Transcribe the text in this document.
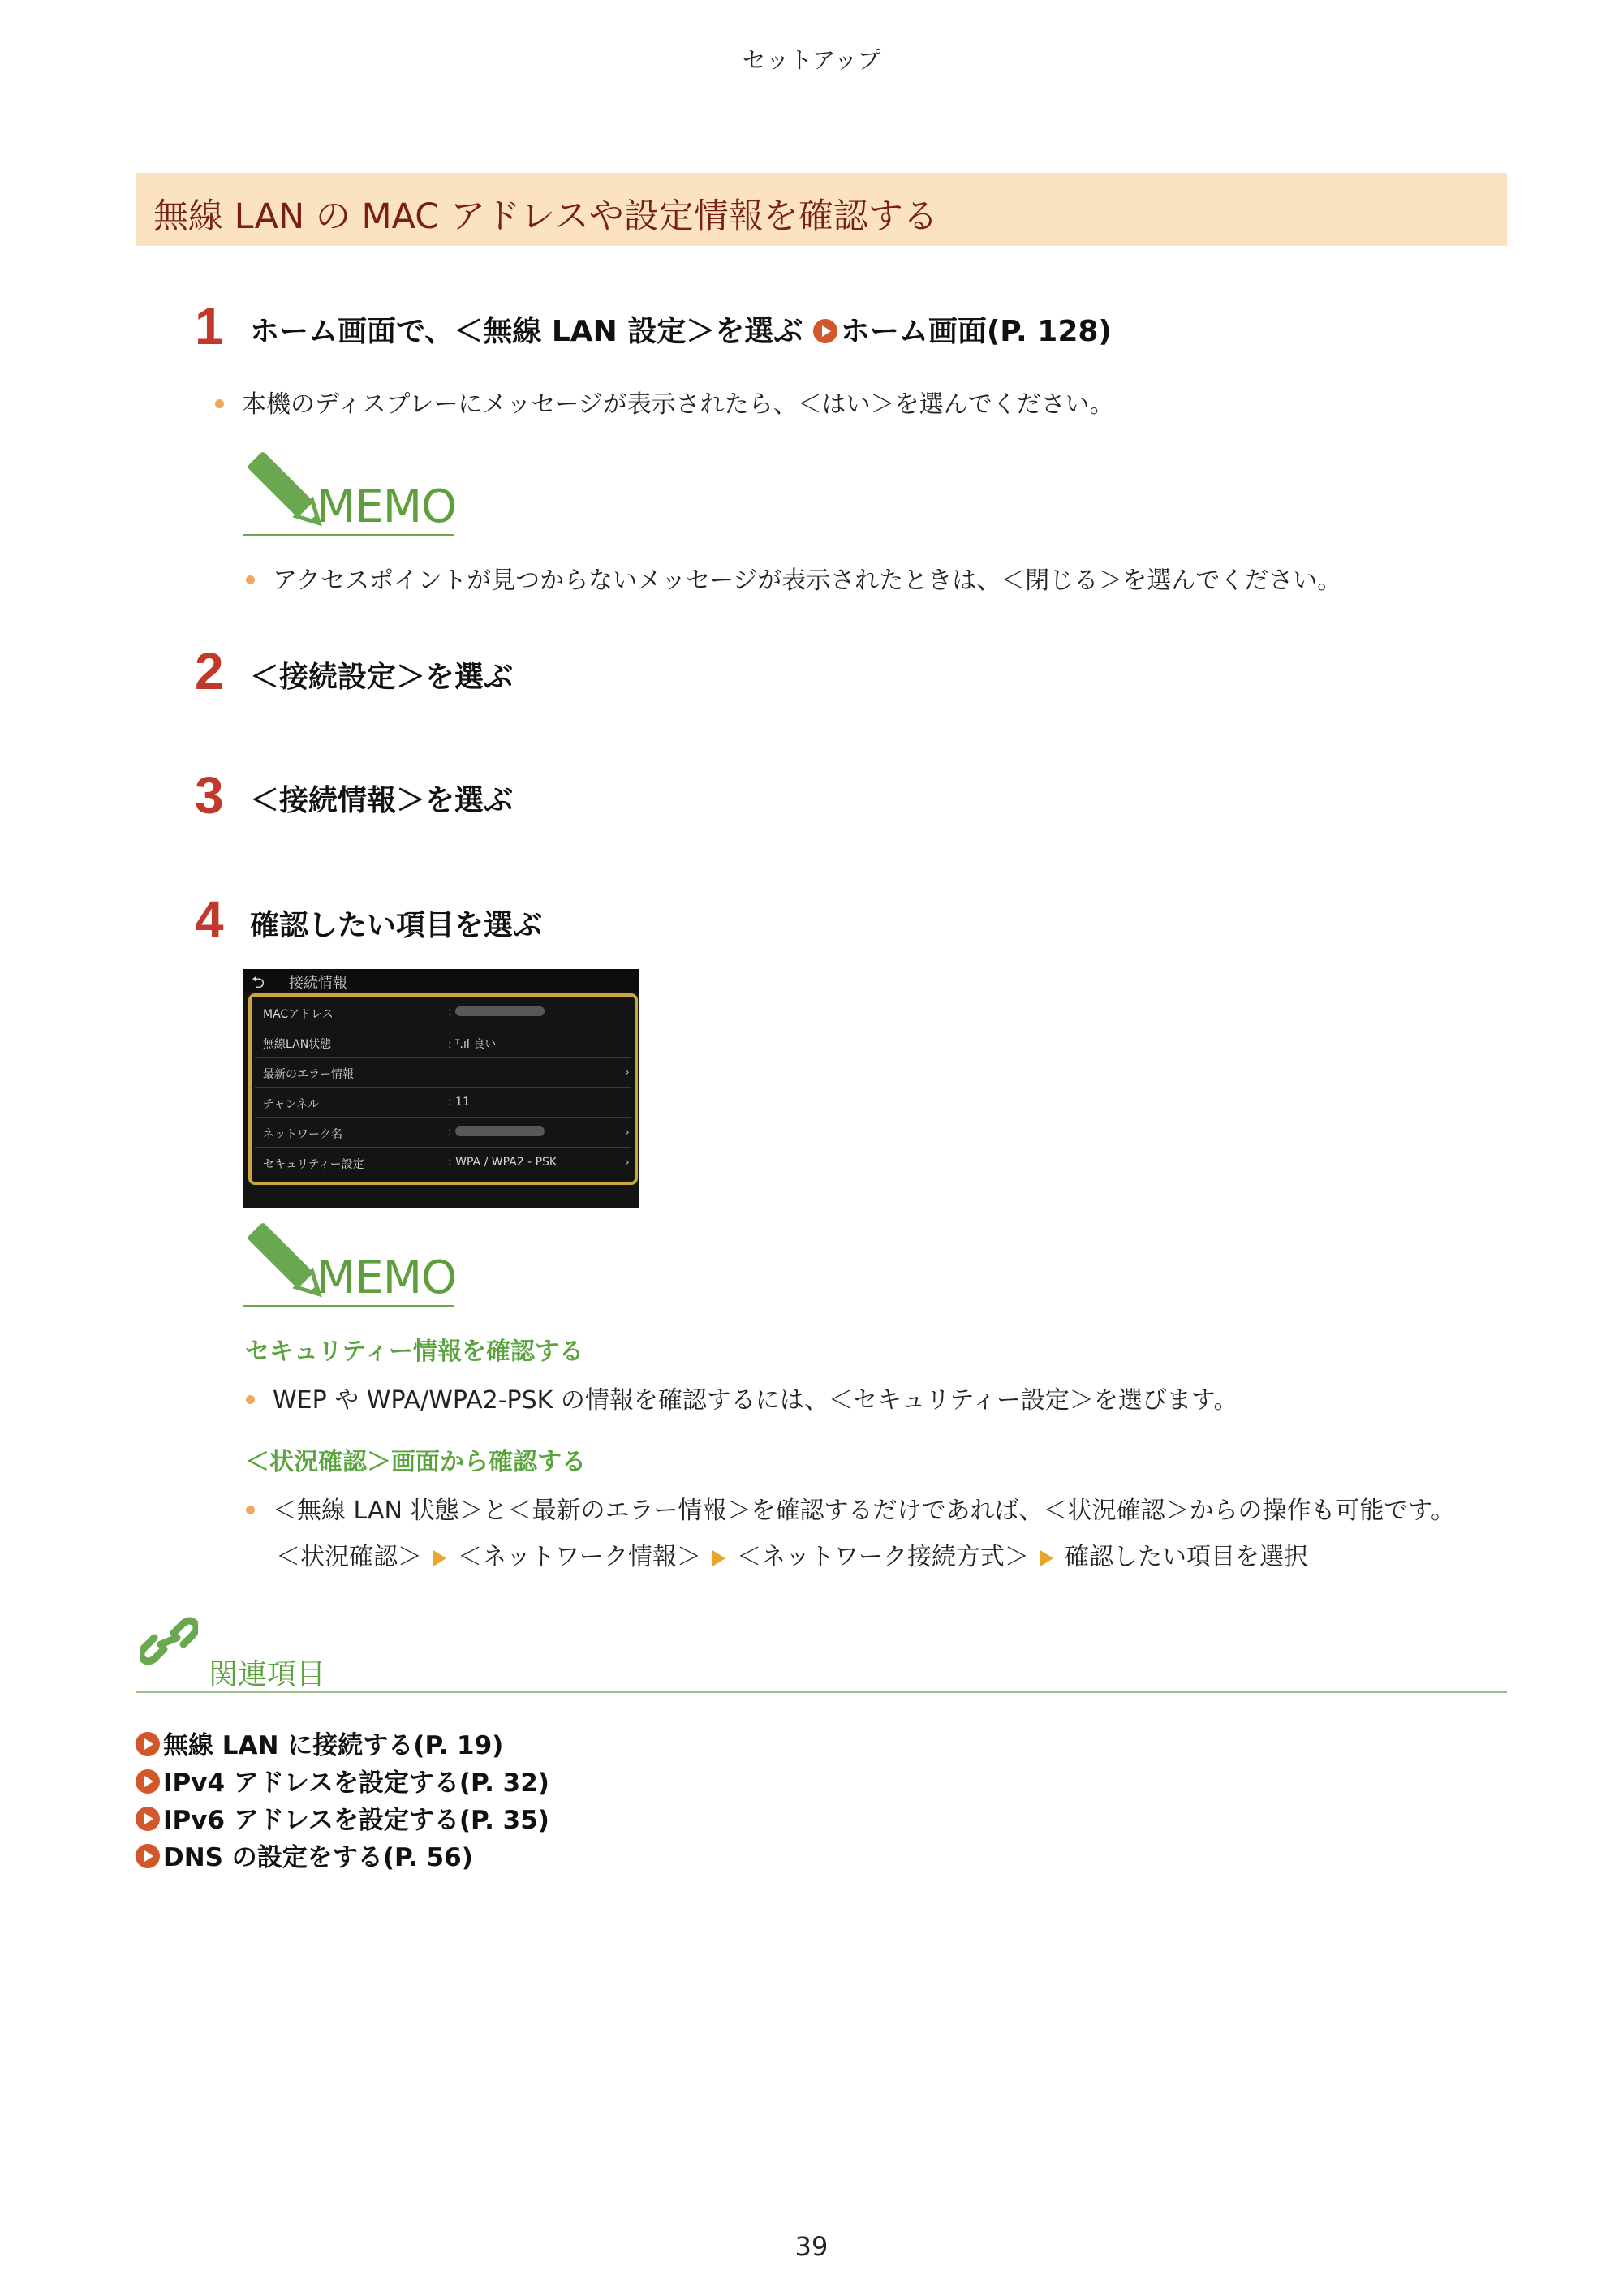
セットアップ
無線 LAN の MAC アドレスや設定情報を確認する
1 ホーム画面で、＜無線 LAN 設定＞を選ぶ ホーム画面(P. 128)
本機のディスプレーにメッセージが表示されたら、＜はい＞を選んでください。
MEMO
アクセスポイントが見つからないメッセージが表示されたときは、＜閉じる＞を選んでください。
2 ＜接続設定＞を選ぶ
3 ＜接続情報＞を選ぶ
4 確認したい項目を選ぶ
⮌ 接続情報
MACアドレス	:
無線LAN状態	: ᵀ.ıl 良い
最新のエラー情報	›
チャンネル	: 11
ネットワーク名	:	›
セキュリティー設定	: WPA / WPA2 - PSK	›
MEMO
セキュリティー情報を確認する
WEP や WPA/WPA2-PSK の情報を確認するには、＜セキュリティー設定＞を選びます。
＜状況確認＞画面から確認する
＜無線 LAN 状態＞と＜最新のエラー情報＞を確認するだけであれば、＜状況確認＞からの操作も可能です。
＜状況確認＞ ＜ネットワーク情報＞ ＜ネットワーク接続方式＞ 確認したい項目を選択
関連項目
無線 LAN に接続する(P. 19)
IPv4 アドレスを設定する(P. 32)
IPv6 アドレスを設定する(P. 35)
DNS の設定をする(P. 56)
39
